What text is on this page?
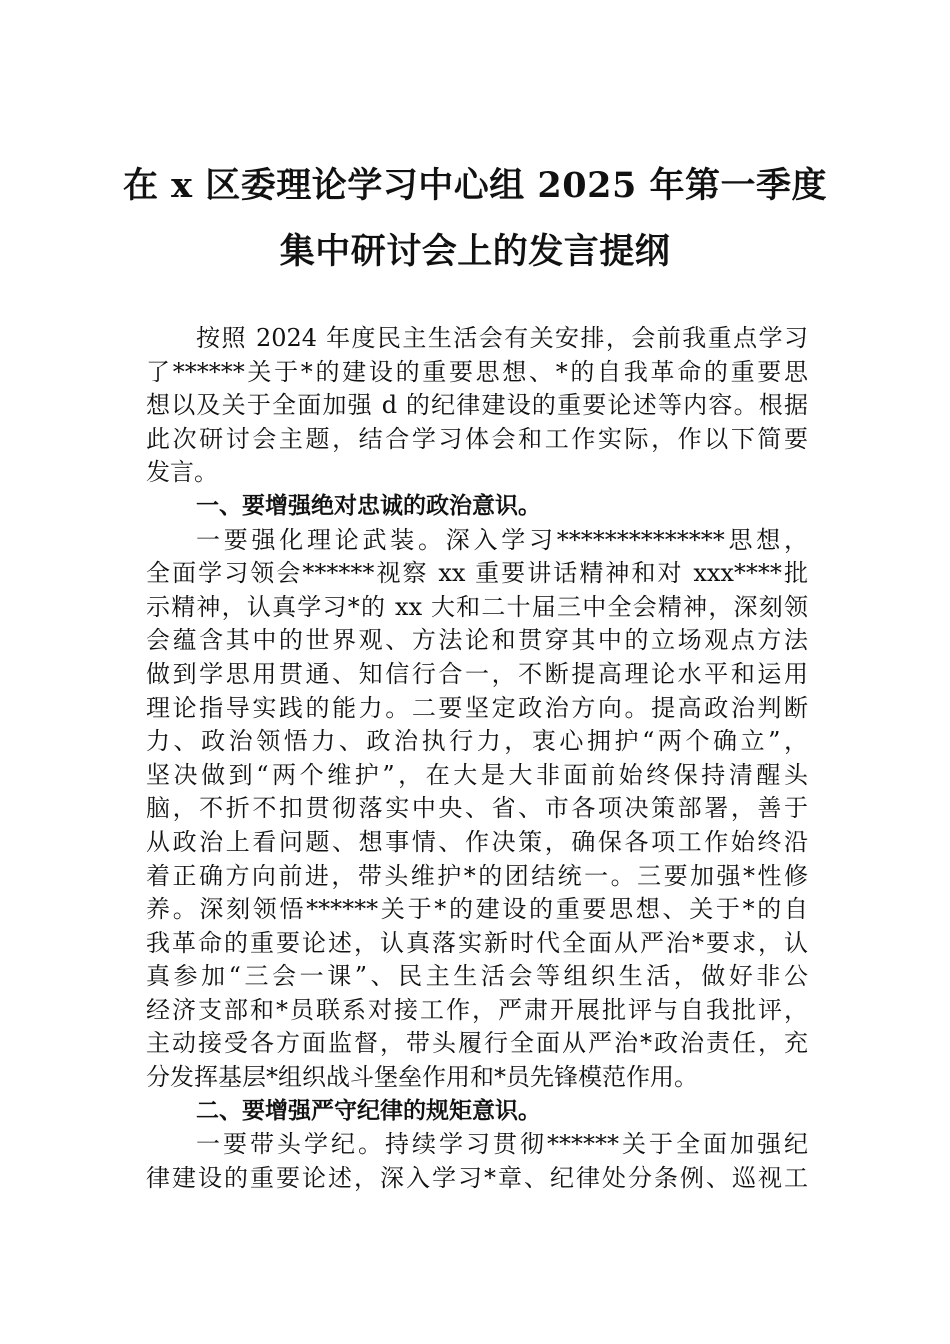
在 x 区委理论学习中心组 2025 年第一季度
集中研讨会上的发言提纲
按照 2024 年度民主生活会有关安排，会前我重点学习
了******关于*的建设的重要思想、*的自我革命的重要思
想以及关于全面加强 d 的纪律建设的重要论述等内容。根据
此次研讨会主题，结合学习体会和工作实际，作以下简要
发言。
一、要增强绝对忠诚的政治意识。
一要强化理论武装。深入学习**************思想，
全面学习领会******视察 xx 重要讲话精神和对 xxx****批
示精神，认真学习*的 xx 大和二十届三中全会精神，深刻领
会蕴含其中的世界观、方法论和贯穿其中的立场观点方法
做到学思用贯通、知信行合一，不断提高理论水平和运用
理论指导实践的能力。二要坚定政治方向。提高政治判断
力、政治领悟力、政治执行力，衷心拥护“两个确立”，
坚决做到“两个维护”，在大是大非面前始终保持清醒头
脑，不折不扣贯彻落实中央、省、市各项决策部署，善于
从政治上看问题、想事情、作决策，确保各项工作始终沿
着正确方向前进，带头维护*的团结统一。三要加强*性修
养。深刻领悟******关于*的建设的重要思想、关于*的自
我革命的重要论述，认真落实新时代全面从严治*要求，认
真参加“三会一课”、民主生活会等组织生活，做好非公
经济支部和*员联系对接工作，严肃开展批评与自我批评，
主动接受各方面监督，带头履行全面从严治*政治责任，充
分发挥基层*组织战斗堡垒作用和*员先锋模范作用。
二、要增强严守纪律的规矩意识。
一要带头学纪。持续学习贯彻******关于全面加强纪
律建设的重要论述，深入学习*章、纪律处分条例、巡视工
